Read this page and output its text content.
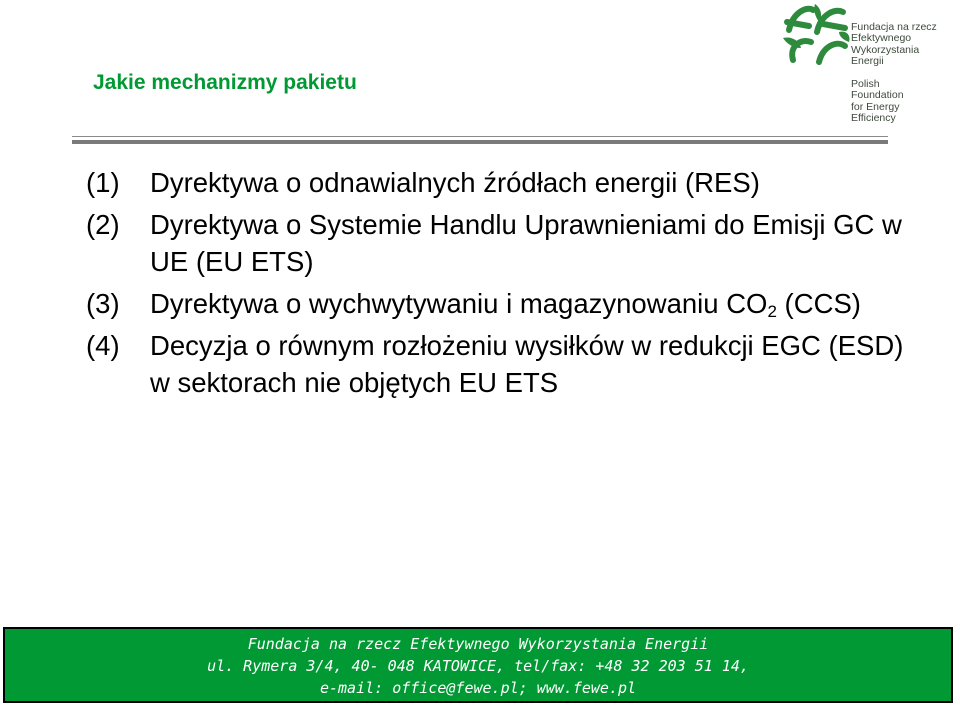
Jakie mechanizmy pakietu
Fundacja na rzecz
Efektywnego
Wykorzystania
Energii
Polish
Foundation
for Energy
Efficiency
(1) Dyrektywa o odnawialnych źródłach energii (RES)
(2) Dyrektywa o Systemie Handlu Uprawnieniami do Emisji GC w UE (EU ETS)
(3) Dyrektywa o wychwytywaniu i magazynowaniu $CO_2$ (CCS)
(4) Decyzja o równym rozłożeniu wysiłków w redukcji EGC (ESD) w sektorach nie objętych EU ETS
Fundacja na rzecz Efektywnego Wykorzystania Energii
ul. Rymera 3/4, 40- 048 KATOWICE, tel/fax: +48 32 203 51 14,
e-mail: office@fewe.pl; www.fewe.pl
